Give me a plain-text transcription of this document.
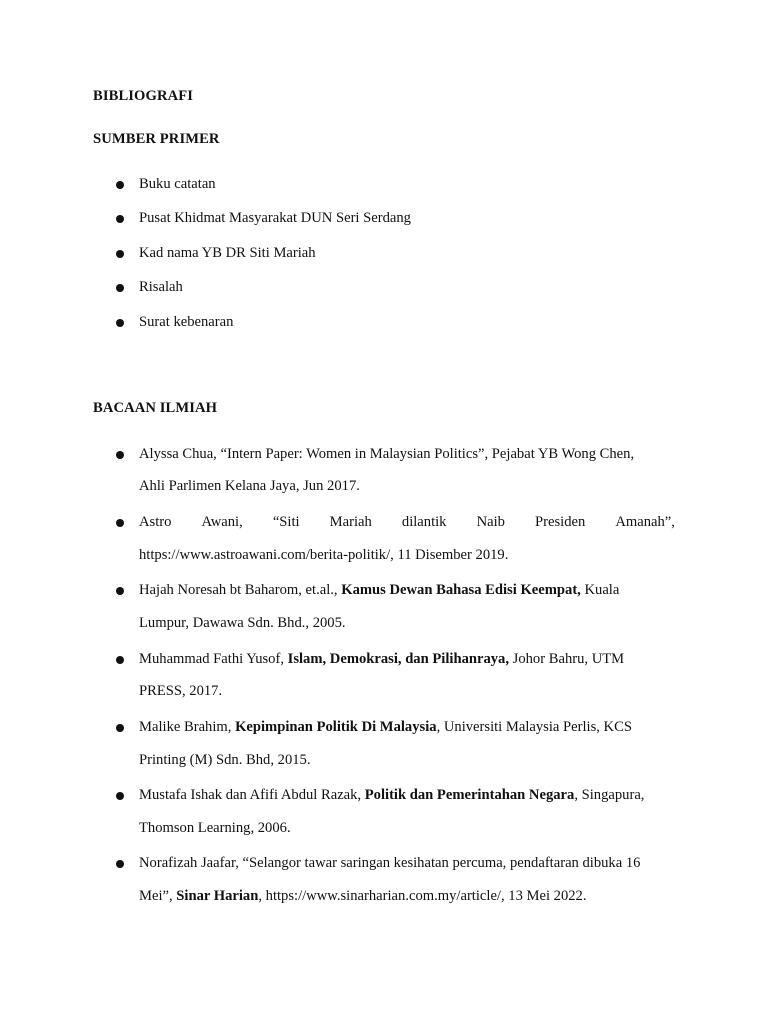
BIBLIOGRAFI
SUMBER PRIMER
Buku catatan
Pusat Khidmat Masyarakat DUN Seri Serdang
Kad nama YB DR Siti Mariah
Risalah
Surat kebenaran
BACAAN ILMIAH
Alyssa Chua, “Intern Paper: Women in Malaysian Politics”, Pejabat YB Wong Chen,
Ahli Parlimen Kelana Jaya, Jun 2017.
Astro Awani, “Siti Mariah dilantik Naib Presiden Amanah”,
https://www.astroawani.com/berita-politik/, 11 Disember 2019.
Hajah Noresah bt Baharom, et.al., Kamus Dewan Bahasa Edisi Keempat, Kuala
Lumpur, Dawawa Sdn. Bhd., 2005.
Muhammad Fathi Yusof, Islam, Demokrasi, dan Pilihanraya, Johor Bahru, UTM
PRESS, 2017.
Malike Brahim, Kepimpinan Politik Di Malaysia, Universiti Malaysia Perlis, KCS
Printing (M) Sdn. Bhd, 2015.
Mustafa Ishak dan Afifi Abdul Razak, Politik dan Pemerintahan Negara, Singapura,
Thomson Learning, 2006.
Norafizah Jaafar, “Selangor tawar saringan kesihatan percuma, pendaftaran dibuka 16
Mei”, Sinar Harian, https://www.sinarharian.com.my/article/, 13 Mei 2022.
